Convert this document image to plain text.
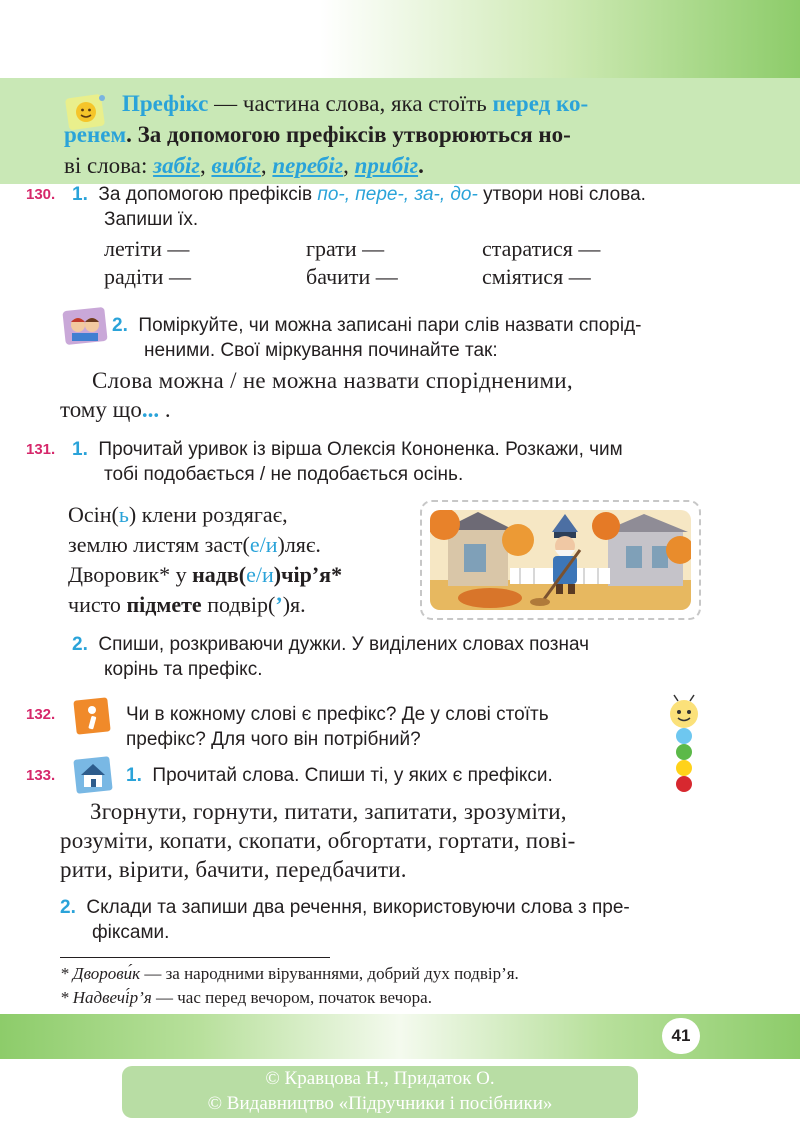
Префікс — частина слова, яка стоїть перед ко-
ренем. За допомогою префіксів утворюються но-
ві слова: забіг, вибіг, перебіг, прибіг.
130. 1. За допомогою префіксів по-, пере-, за-, до- утвори нові слова.
Запиши їх.
летіти —	грати —	старатися —
радіти —	бачити —	сміятися —
2. Поміркуйте, чи можна записані пари слів назвати спорід-
неними. Свої міркування починайте так:
Слова можна / не можна назвати спорідненими,
тому що... .
131. 1. Прочитай уривок із вірша Олексія Кононенка. Розкажи, чим
тобі подобається / не подобається осінь.
Осін(ь) клени роздягає,
землю листям заст(е/и)ляє.
Дворовик* у надв(е/и)чір’я*
чисто підмете подвір(’)я.
2. Спиши, розкриваючи дужки. У виділених словах познач
корінь та префікс.
132.	Чи в кожному слові є префікс? Де у слові стоїть
префікс? Для чого він потрібний?
133.	1. Прочитай слова. Спиши ті, у яких є префікси.
Згорнути, горнути, питати, запитати, зрозуміти,
розуміти, копати, скопати, обгортати, гортати, пові-
рити, вірити, бачити, передбачити.
2. Склади та запиши два речення, використовуючи слова з пре-
фіксами.
* Дворови́к — за народними віруваннями, добрий дух подвір’я.
* Надвечі́р’я — час перед вечором, початок вечора.
41
© Кравцова Н., Придаток О.
© Видавництво «Підручники і посібники»
